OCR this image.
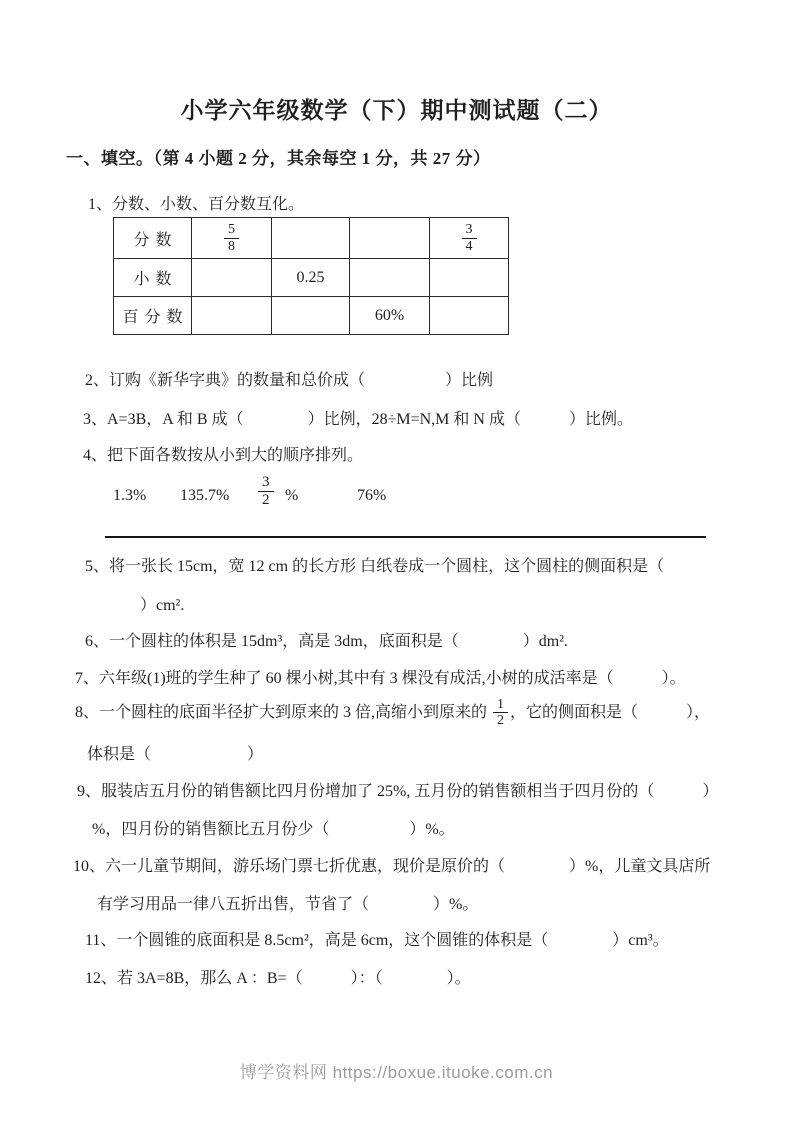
小学六年级数学（下）期中测试题（二）
一、填空。（第 4 小题 2 分，其余每空 1 分，共 27 分）
1、分数、小数、百分数互化。
分数	$\frac{5}{8}$			$\frac{3}{4}$

小数		0.25		
百分数			60%	
2、订购《新华字典》的数量和总价成（　　　　　）比例
3、A=3B，A 和 B 成（　　　　）比例，28÷M=N,M 和 N 成（　　　）比例。
4、把下面各数按从小到大的顺序排列。
1.3% $135.7\% \frac{3}{2}$ %	76%
5、将一张长 15cm，宽 12 cm 的长方形 白纸卷成一个圆柱，这个圆柱的侧面积是（
）cm².
6、一个圆柱的体积是 15dm³，高是 3dm，底面积是（　　　　）dm².
7、六年级(1)班的学生种了 60 棵小树,其中有 3 棵没有成活,小树的成活率是（　　　）。
8、一个圆柱的底面半径扩大到原来的 3 倍,高缩小到原来的 $\frac{1}{2}$ ，它的侧面积是（　　　），
体积是（　　　　　　）
9、服装店五月份的销售额比四月份增加了 25%, 五月份的销售额相当于四月份的（　　　）
%，四月份的销售额比五月份少（　　　　　）%。
10、六一儿童节期间，游乐场门票七折优惠，现价是原价的（　　　　）%，儿童文具店所
有学习用品一律八五折出售，节省了（　　　　）%。
11、一个圆锥的底面积是 8.5cm²，高是 6cm，这个圆锥的体积是（　　　　）cm³。
12、若 3A=8B，那么 A ：B=（　　　）：（　　　　）。
博学资料网 https://boxue.ituoke.com.cn
